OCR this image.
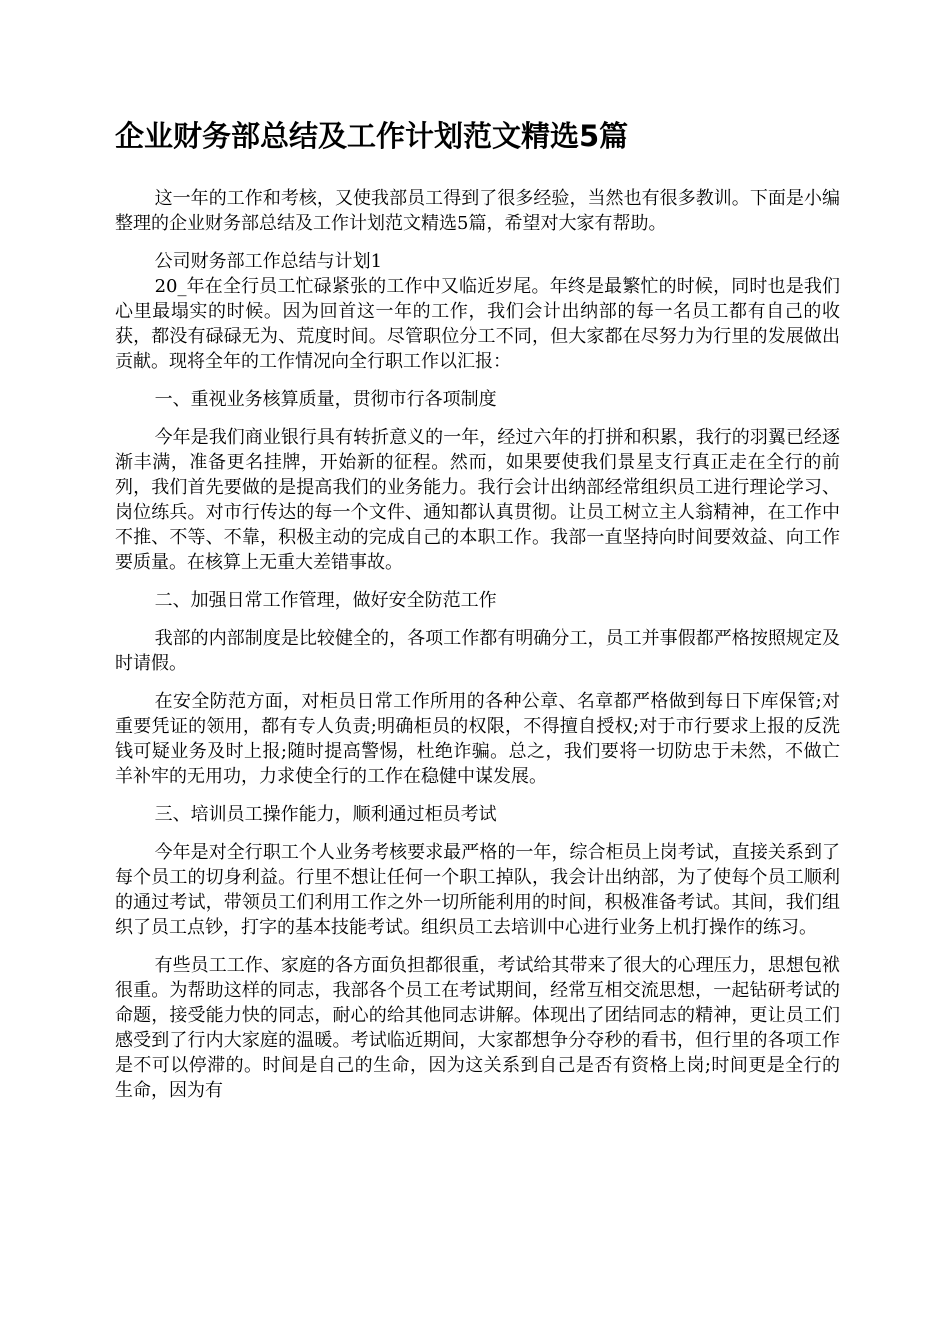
企业财务部总结及工作计划范文精选5篇

这一年的工作和考核，又使我部员工得到了很多经验，当然也有很多教训。下面是小编整理的企业财务部总结及工作计划范文精选5篇，希望对大家有帮助。

公司财务部工作总结与计划1

20_年在全行员工忙碌紧张的工作中又临近岁尾。年终是最繁忙的时候，同时也是我们心里最塌实的时候。因为回首这一年的工作，我们会计出纳部的每一名员工都有自己的收获，都没有碌碌无为、荒度时间。尽管职位分工不同，但大家都在尽努力为行里的发展做出贡献。现将全年的工作情况向全行职工作以汇报：

一、重视业务核算质量，贯彻市行各项制度

今年是我们商业银行具有转折意义的一年，经过六年的打拼和积累，我行的羽翼已经逐渐丰满，准备更名挂牌，开始新的征程。然而，如果要使我们景星支行真正走在全行的前列，我们首先要做的是提高我们的业务能力。我行会计出纳部经常组织员工进行理论学习、岗位练兵。对市行传达的每一个文件、通知都认真贯彻。让员工树立主人翁精神，在工作中不推、不等、不靠，积极主动的完成自己的本职工作。我部一直坚持向时间要效益、向工作要质量。在核算上无重大差错事故。

二、加强日常工作管理，做好安全防范工作

我部的内部制度是比较健全的，各项工作都有明确分工，员工并事假都严格按照规定及时请假。

在安全防范方面，对柜员日常工作所用的各种公章、名章都严格做到每日下库保管;对重要凭证的领用，都有专人负责;明确柜员的权限，不得擅自授权;对于市行要求上报的反洗钱可疑业务及时上报;随时提高警惕，杜绝诈骗。总之，我们要将一切防忠于未然，不做亡羊补牢的无用功，力求使全行的工作在稳健中谋发展。

三、培训员工操作能力，顺利通过柜员考试

今年是对全行职工个人业务考核要求最严格的一年，综合柜员上岗考试，直接关系到了每个员工的切身利益。行里不想让任何一个职工掉队，我会计出纳部，为了使每个员工顺利的通过考试，带领员工们利用工作之外一切所能利用的时间，积极准备考试。其间，我们组织了员工点钞，打字的基本技能考试。组织员工去培训中心进行业务上机打操作的练习。

有些员工工作、家庭的各方面负担都很重，考试给其带来了很大的心理压力，思想包袱很重。为帮助这样的同志，我部各个员工在考试期间，经常互相交流思想，一起钻研考试的命题，接受能力快的同志，耐心的给其他同志讲解。体现出了团结同志的精神，更让员工们感受到了行内大家庭的温暖。考试临近期间，大家都想争分夺秒的看书，但行里的各项工作是不可以停滞的。时间是自己的生命，因为这关系到自己是否有资格上岗;时间更是全行的生命，因为有
